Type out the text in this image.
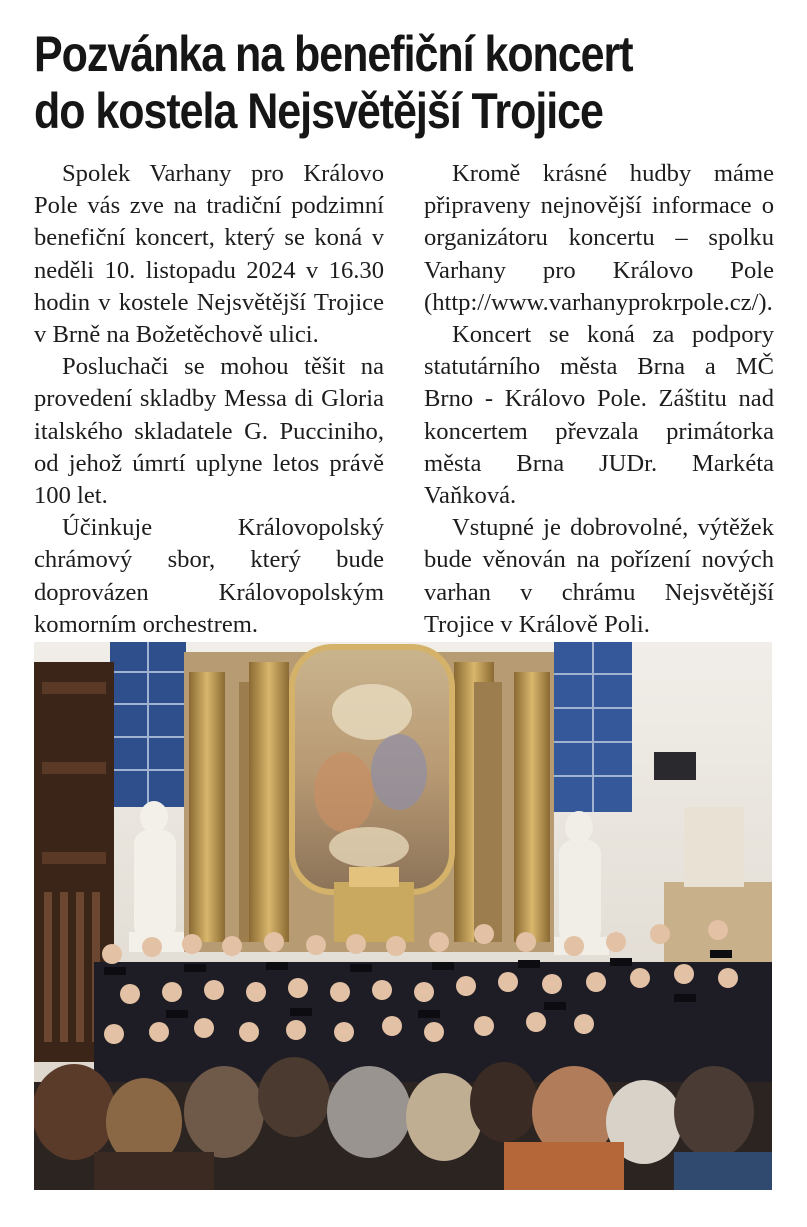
Pozvánka na benefiční koncert
do kostela Nejsvětější Trojice

Spolek Varhany pro Královo Pole vás zve na tradiční podzimní benefiční koncert, který se koná v neděli 10. listopadu 2024 v 16.30 hodin v kostele Nejsvětější Trojice v Brně na Božetěchově ulici.

Posluchači se mohou těšit na provedení skladby Messa di Gloria italského skladatele G. Pucciniho, od jehož úmrtí uplyne letos právě 100 let.

Účinkuje Královopolský chrámový sbor, který bude doprovázen Královopolským komorním orchestrem.

Kromě krásné hudby máme připraveny nejnovější informace o organizátoru koncertu – spolku Varhany pro Královo Pole (http://www.varhanyprokrpole.cz/).

Koncert se koná za podpory statutárního města Brna a MČ Brno - Královo Pole. Záštitu nad koncertem převzala primátorka města Brna JUDr. Markéta Vaňková.

Vstupné je dobrovolné, výtěžek bude věnován na pořízení nových varhan v chrámu Nejsvětější Trojice v Králově Poli.
